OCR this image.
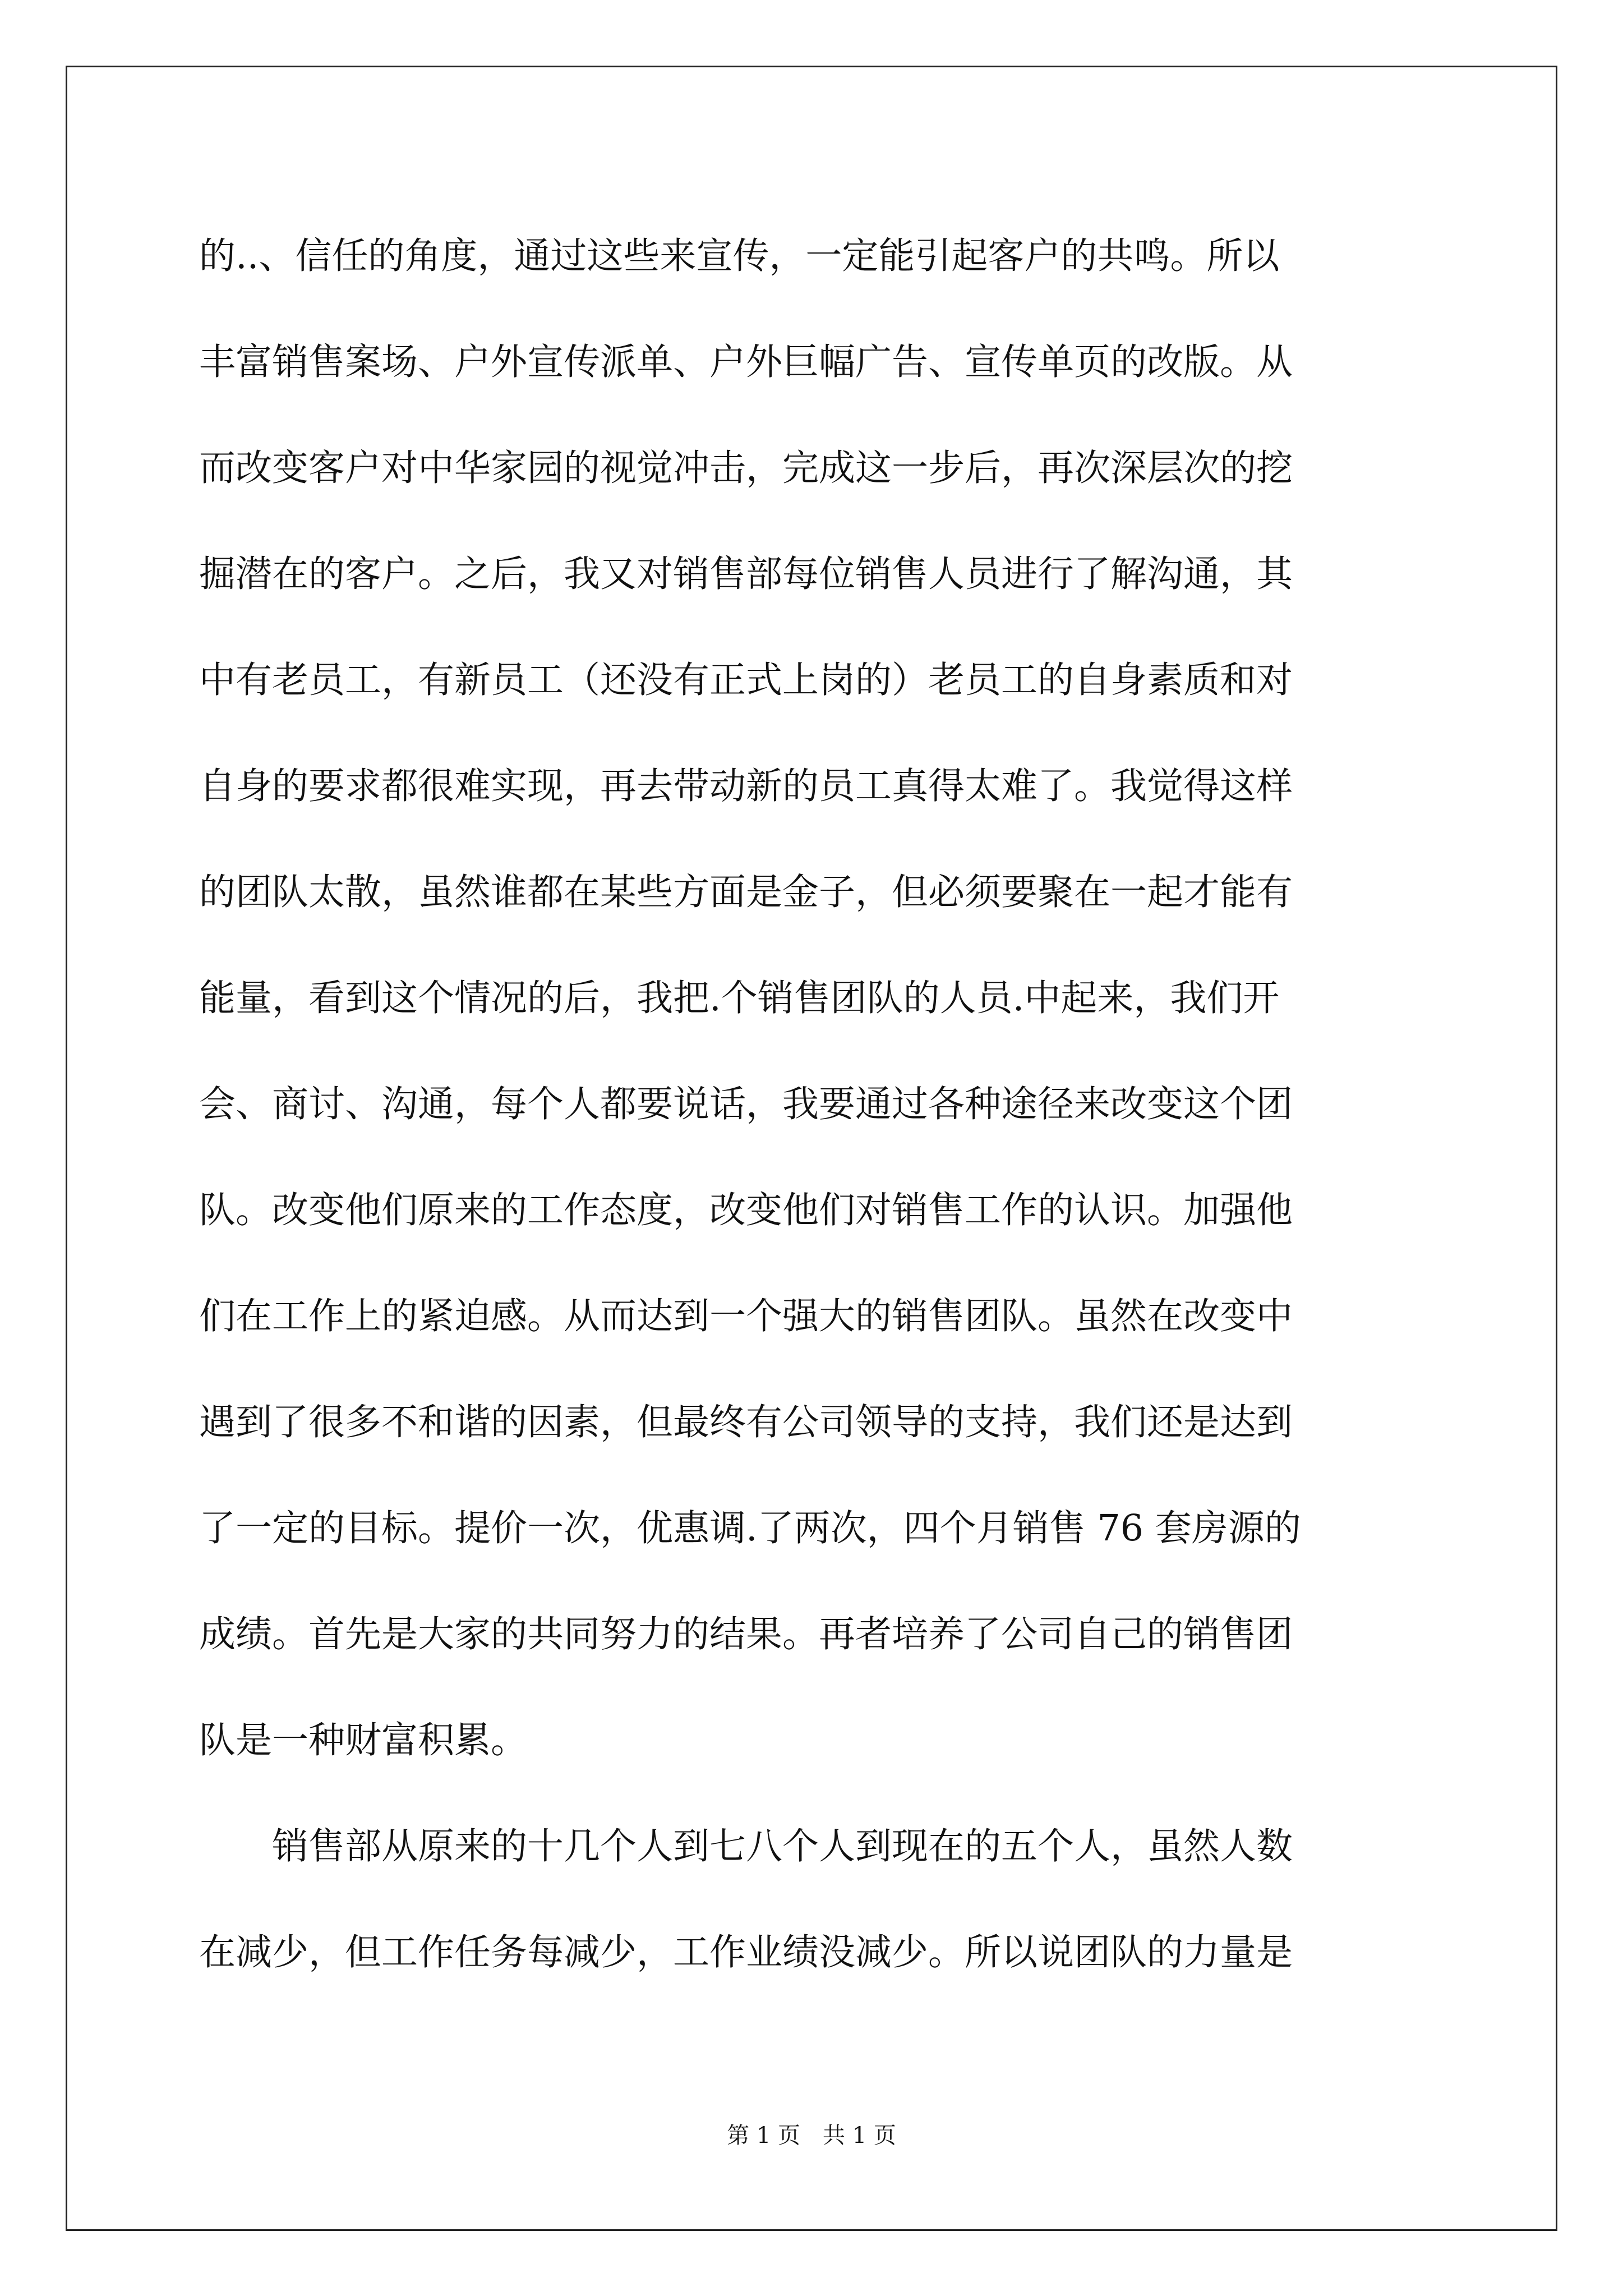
的..、信任的角度，通过这些来宣传，一定能引起客户的共鸣。所以
丰富销售案场、户外宣传派单、户外巨幅广告、宣传单页的改版。从
而改变客户对中华家园的视觉冲击，完成这一步后，再次深层次的挖
掘潜在的客户。之后，我又对销售部每位销售人员进行了解沟通，其
中有老员工，有新员工（还没有正式上岗的）老员工的自身素质和对
自身的要求都很难实现，再去带动新的员工真得太难了。我觉得这样
的团队太散，虽然谁都在某些方面是金子，但必须要聚在一起才能有
能量，看到这个情况的后，我把.个销售团队的人员.中起来，我们开
会、商讨、沟通，每个人都要说话，我要通过各种途径来改变这个团
队。改变他们原来的工作态度，改变他们对销售工作的认识。加强他
们在工作上的紧迫感。从而达到一个强大的销售团队。虽然在改变中
遇到了很多不和谐的因素，但最终有公司领导的支持，我们还是达到
了一定的目标。提价一次，优惠调.了两次，四个月销售 76 套房源的
成绩。首先是大家的共同努力的结果。再者培养了公司自己的销售团
队是一种财富积累。
　　销售部从原来的十几个人到七八个人到现在的五个人，虽然人数
在减少，但工作任务每减少，工作业绩没减少。所以说团队的力量是
第 1 页　共 1 页
